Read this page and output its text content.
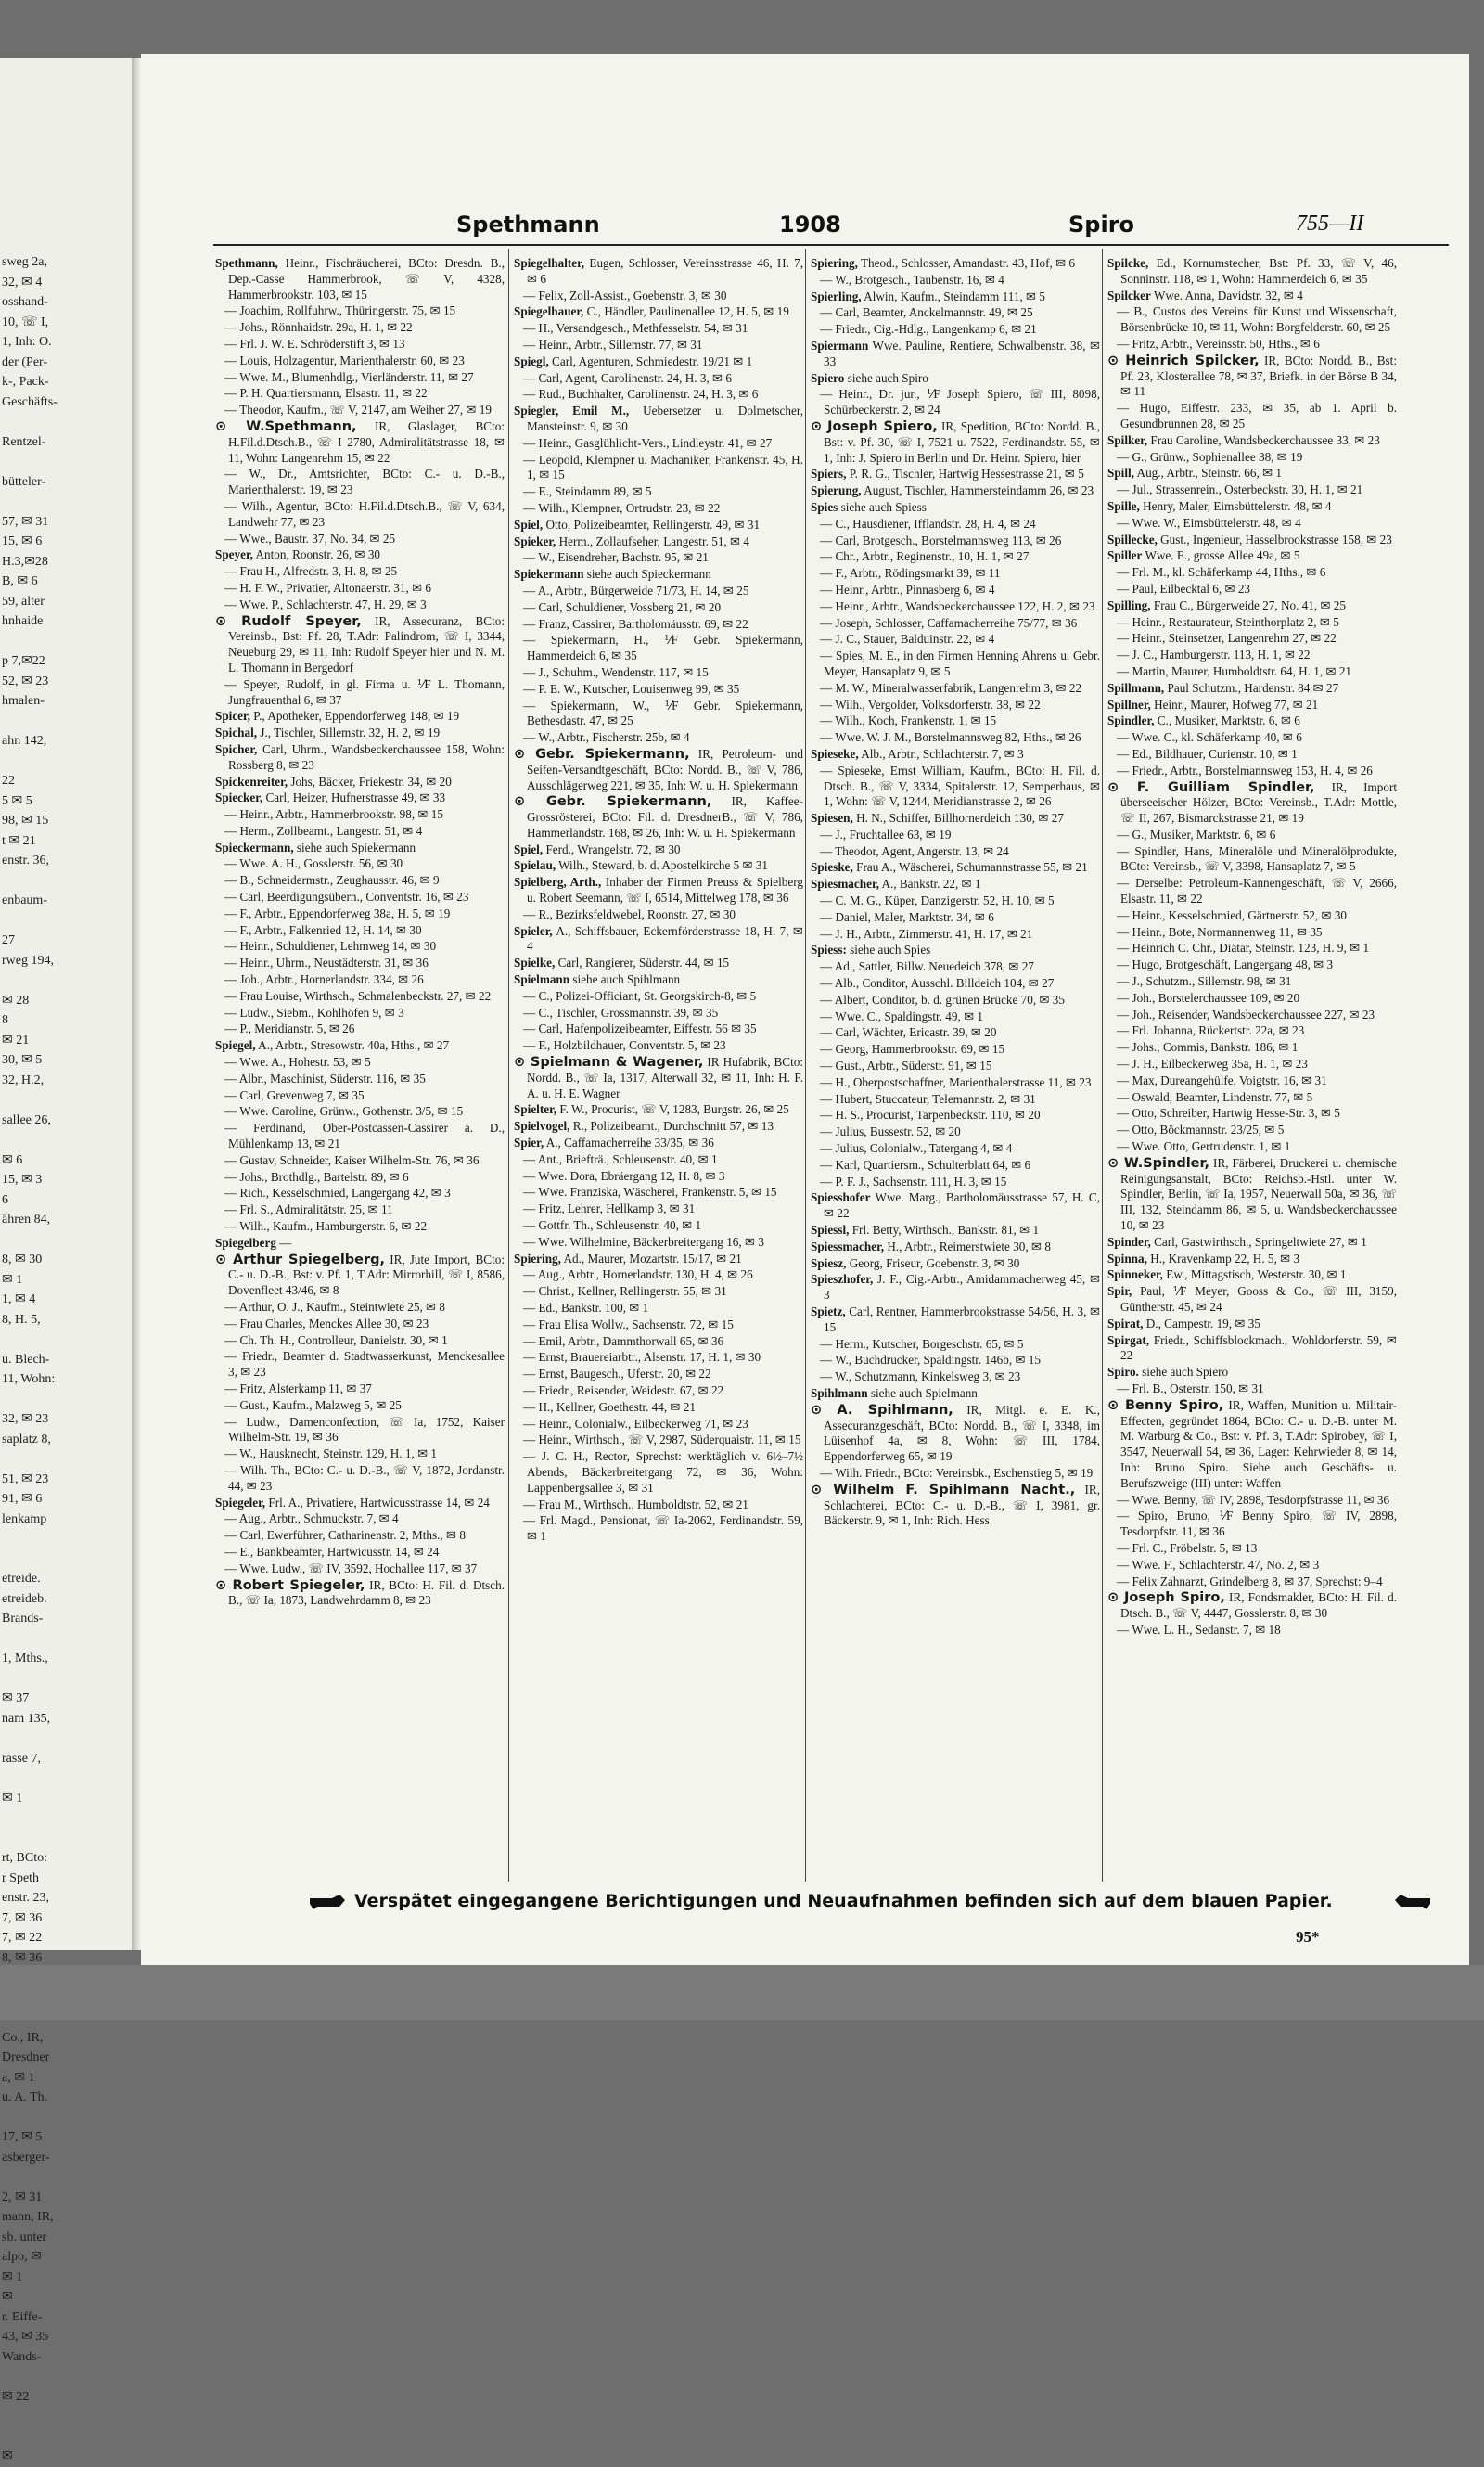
sweg 2a,
32, ✉ 4
osshand-
10, ☏ I,
1, Inh: O.
der (Per-
k-, Pack-
Geschäfts-
Rentzel-
bütteler-
57, ✉ 31
15, ✉ 6
H.3,✉28
B, ✉ 6
59, alter
hnhaide
p 7,✉22
52, ✉ 23
hmalen-
ahn 142,
22
5 ✉ 5
98, ✉ 15
t ✉ 21
enstr. 36,
enbaum-
27
rweg 194,
✉ 28
8
✉ 21
30, ✉ 5
32, H.2,
sallee 26,
✉ 6
15, ✉ 3
6
ähren 84,
8, ✉ 30
✉ 1
1, ✉ 4
8, H. 5,
u. Blech-
11, Wohn:
32, ✉ 23
saplatz 8,
51, ✉ 23
91, ✉ 6
lenkamp
etreide.
etreideb.
Brands-
1, Mths.,
✉ 37
nam 135,
rasse 7,
✉ 1
rt, BCto:
r Speth
enstr. 23,
7, ✉ 36
7, ✉ 22
8, ✉ 36
Co., IR,
Dresdner
a, ✉ 1
u. A. Th.
17, ✉ 5
asberger-
2, ✉ 31
mann, IR,
sb. unter
alpo, ✉
✉ 1
✉
r. Eiffe-
43, ✉ 35
Wands-
✉ 22
✉
Spethmann	1908	Spiro	755—II
Spethmann, Heinr., Fischräucherei, BCto: Dresdn. B., Dep.-Casse Hammerbrook, ☏ V, 4328, Hammerbrookstr. 103, ✉ 15
— Joachim, Rollfuhrw., Thüringerstr. 75, ✉ 15
— Johs., Rönnhaidstr. 29a, H. 1, ✉ 22
— Frl. J. W. E. Schröderstift 3, ✉ 13
— Louis, Holzagentur, Marienthalerstr. 60, ✉ 23
— Wwe. M., Blumenhdlg., Vierländerstr. 11, ✉ 27
— P. H. Quartiersmann, Elsastr. 11, ✉ 22
— Theodor, Kaufm., ☏ V, 2147, am Weiher 27, ✉ 19
⊙ W.Spethmann, IR, Glaslager, BCto: H.Fil.d.Dtsch.B., ☏ I 2780, Admiralitätstrasse 18, ✉ 11, Wohn: Langenrehm 15, ✉ 22
— W., Dr., Amtsrichter, BCto: C.- u. D.-B., Marienthalerstr. 19, ✉ 23
— Wilh., Agentur, BCto: H.Fil.d.Dtsch.B., ☏ V, 634, Landwehr 77, ✉ 23
— Wwe., Baustr. 37, No. 34, ✉ 25
Speyer, Anton, Roonstr. 26, ✉ 30
— Frau H., Alfredstr. 3, H. 8, ✉ 25
— H. F. W., Privatier, Altonaerstr. 31, ✉ 6
— Wwe. P., Schlachterstr. 47, H. 29, ✉ 3
⊙ Rudolf Speyer, IR, Assecuranz, BCto: Vereinsb., Bst: Pf. 28, T.Adr: Palindrom, ☏ I, 3344, Neueburg 29, ✉ 11, Inh: Rudolf Speyer hier und N. M. L. Thomann in Bergedorf
— Speyer, Rudolf, in gl. Firma u. ⅟F L. Thomann, Jungfrauenthal 6, ✉ 37
Spicer, P., Apotheker, Eppendorferweg 148, ✉ 19
Spichal, J., Tischler, Sillemstr. 32, H. 2, ✉ 19
Spicher, Carl, Uhrm., Wandsbeckerchaussee 158, Wohn: Rossberg 8, ✉ 23
Spickenreiter, Johs, Bäcker, Friekestr. 34, ✉ 20
Spiecker, Carl, Heizer, Hufnerstrasse 49, ✉ 33
— Heinr., Arbtr., Hammerbrookstr. 98, ✉ 15
— Herm., Zollbeamt., Langestr. 51, ✉ 4
Spieckermann, siehe auch Spiekermann
— Wwe. A. H., Gosslerstr. 56, ✉ 30
— B., Schneidermstr., Zeughausstr. 46, ✉ 9
— Carl, Beerdigungsübern., Conventstr. 16, ✉ 23
— F., Arbtr., Eppendorferweg 38a, H. 5, ✉ 19
— F., Arbtr., Falkenried 12, H. 14, ✉ 30
— Heinr., Schuldiener, Lehmweg 14, ✉ 30
— Heinr., Uhrm., Neustädterstr. 31, ✉ 36
— Joh., Arbtr., Hornerlandstr. 334, ✉ 26
— Frau Louise, Wirthsch., Schmalenbeckstr. 27, ✉ 22
— Ludw., Siebm., Kohlhöfen 9, ✉ 3
— P., Meridianstr. 5, ✉ 26
Spiegel, A., Arbtr., Stresowstr. 40a, Hths., ✉ 27
— Wwe. A., Hohestr. 53, ✉ 5
— Albr., Maschinist, Süderstr. 116, ✉ 35
— Carl, Grevenweg 7, ✉ 35
— Wwe. Caroline, Grünw., Gothenstr. 3/5, ✉ 15
— Ferdinand, Ober-Postcassen-Cassirer a. D., Mühlenkamp 13, ✉ 21
— Gustav, Schneider, Kaiser Wilhelm-Str. 76, ✉ 36
— Johs., Brothdlg., Bartelstr. 89, ✉ 6
— Rich., Kesselschmied, Langergang 42, ✉ 3
— Frl. S., Admiralitätstr. 25, ✉ 11
— Wilh., Kaufm., Hamburgerstr. 6, ✉ 22
Spiegelberg —
⊙ Arthur Spiegelberg, IR, Jute Import, BCto: C.- u. D.-B., Bst: v. Pf. 1, T.Adr: Mirrorhill, ☏ I, 8586, Dovenfleet 43/46, ✉ 8
— Arthur, O. J., Kaufm., Steintwiete 25, ✉ 8
— Frau Charles, Menckes Allee 30, ✉ 23
— Ch. Th. H., Controlleur, Danielstr. 30, ✉ 1
— Friedr., Beamter d. Stadtwasserkunst, Menckesallee 3, ✉ 23
— Fritz, Alsterkamp 11, ✉ 37
— Gust., Kaufm., Malzweg 5, ✉ 25
— Ludw., Damenconfection, ☏ Ia, 1752, Kaiser Wilhelm-Str. 19, ✉ 36
— W., Hausknecht, Steinstr. 129, H. 1, ✉ 1
— Wilh. Th., BCto: C.- u. D.-B., ☏ V, 1872, Jordanstr. 44, ✉ 23
Spiegeler, Frl. A., Privatiere, Hartwicusstrasse 14, ✉ 24
— Aug., Arbtr., Schmuckstr. 7, ✉ 4
— Carl, Ewerführer, Catharinenstr. 2, Mths., ✉ 8
— E., Bankbeamter, Hartwicusstr. 14, ✉ 24
— Wwe. Ludw., ☏ IV, 3592, Hochallee 117, ✉ 37
⊙ Robert Spiegeler, IR, BCto: H. Fil. d. Dtsch. B., ☏ Ia, 1873, Landwehrdamm 8, ✉ 23
Spiegelhalter, Eugen, Schlosser, Vereinsstrasse 46, H. 7, ✉ 6
— Felix, Zoll-Assist., Goebenstr. 3, ✉ 30
Spiegelhauer, C., Händler, Paulinenallee 12, H. 5, ✉ 19
— H., Versandgesch., Methfesselstr. 54, ✉ 31
— Heinr., Arbtr., Sillemstr. 77, ✉ 31
Spiegl, Carl, Agenturen, Schmiedestr. 19/21 ✉ 1
— Carl, Agent, Carolinenstr. 24, H. 3, ✉ 6
— Rud., Buchhalter, Carolinenstr. 24, H. 3, ✉ 6
Spiegler, Emil M., Uebersetzer u. Dolmetscher, Mansteinstr. 9, ✉ 30
— Heinr., Gasglühlicht-Vers., Lindleystr. 41, ✉ 27
— Leopold, Klempner u. Machaniker, Frankenstr. 45, H. 1, ✉ 15
— E., Steindamm 89, ✉ 5
— Wilh., Klempner, Ortrudstr. 23, ✉ 22
Spiel, Otto, Polizeibeamter, Rellingerstr. 49, ✉ 31
Spieker, Herm., Zollaufseher, Langestr. 51, ✉ 4
— W., Eisendreher, Bachstr. 95, ✉ 21
Spiekermann siehe auch Spieckermann
— A., Arbtr., Bürgerweide 71/73, H. 14, ✉ 25
— Carl, Schuldiener, Vossberg 21, ✉ 20
— Franz, Cassirer, Bartholomäusstr. 69, ✉ 22
— Spiekermann, H., ⅟F Gebr. Spiekermann, Hammerdeich 6, ✉ 35
— J., Schuhm., Wendenstr. 117, ✉ 15
— P. E. W., Kutscher, Louisenweg 99, ✉ 35
— Spiekermann, W., ⅟F Gebr. Spiekermann, Bethesdastr. 47, ✉ 25
— W., Arbtr., Fischerstr. 25b, ✉ 4
⊙ Gebr. Spiekermann, IR, Petroleum- und Seifen-Versandtgeschäft, BCto: Nordd. B., ☏ V, 786, Ausschlägerweg 221, ✉ 35, Inh: W. u. H. Spiekermann
⊙ Gebr. Spiekermann, IR, Kaffee-Grossrösterei, BCto: Fil. d. DresdnerB., ☏ V, 786, Hammerlandstr. 168, ✉ 26, Inh: W. u. H. Spiekermann
Spiel, Ferd., Wrangelstr. 72, ✉ 30
Spielau, Wilh., Steward, b. d. Apostelkirche 5 ✉ 31
Spielberg, Arth., Inhaber der Firmen Preuss & Spielberg u. Robert Seemann, ☏ I, 6514, Mittelweg 178, ✉ 36
— R., Bezirksfeldwebel, Roonstr. 27, ✉ 30
Spieler, A., Schiffsbauer, Eckernförderstrasse 18, H. 7, ✉ 4
Spielke, Carl, Rangierer, Süderstr. 44, ✉ 15
Spielmann siehe auch Spihlmann
— C., Polizei-Officiant, St. Georgskirch-8, ✉ 5
— C., Tischler, Grossmannstr. 39, ✉ 35
— Carl, Hafenpolizeibeamter, Eiffestr. 56 ✉ 35
— F., Holzbildhauer, Conventstr. 5, ✉ 23
⊙ Spielmann & Wagener, IR Hufabrik, BCto: Nordd. B., ☏ Ia, 1317, Alterwall 32, ✉ 11, Inh: H. F. A. u. H. E. Wagner
Spielter, F. W., Procurist, ☏ V, 1283, Burgstr. 26, ✉ 25
Spielvogel, R., Polizeibeamt., Durchschnitt 57, ✉ 13
Spier, A., Caffamacherreihe 33/35, ✉ 36
— Ant., Briefträ., Schleusenstr. 40, ✉ 1
— Wwe. Dora, Ebräergang 12, H. 8, ✉ 3
— Wwe. Franziska, Wäscherei, Frankenstr. 5, ✉ 15
— Fritz, Lehrer, Hellkamp 3, ✉ 31
— Gottfr. Th., Schleusenstr. 40, ✉ 1
— Wwe. Wilhelmine, Bäckerbreitergang 16, ✉ 3
Spiering, Ad., Maurer, Mozartstr. 15/17, ✉ 21
— Aug., Arbtr., Hornerlandstr. 130, H. 4, ✉ 26
— Christ., Kellner, Rellingerstr. 55, ✉ 31
— Ed., Bankstr. 100, ✉ 1
— Frau Elisa Wollw., Sachsenstr. 72, ✉ 15
— Emil, Arbtr., Dammthorwall 65, ✉ 36
— Ernst, Brauereiarbtr., Alsenstr. 17, H. 1, ✉ 30
— Ernst, Baugesch., Uferstr. 20, ✉ 22
— Friedr., Reisender, Weidestr. 67, ✉ 22
— H., Kellner, Goethestr. 44, ✉ 21
— Heinr., Colonialw., Eilbeckerweg 71, ✉ 23
— Heinr., Wirthsch., ☏ V, 2987, Süderquaistr. 11, ✉ 15
— J. C. H., Rector, Sprechst: werktäglich v. 6½–7½ Abends, Bäckerbreitergang 72, ✉ 36, Wohn: Lappenbergsallee 3, ✉ 31
— Frau M., Wirthsch., Humboldtstr. 52, ✉ 21
— Frl. Magd., Pensionat, ☏ Ia-2062, Ferdinandstr. 59, ✉ 1
Spiering, Theod., Schlosser, Amandastr. 43, Hof, ✉ 6
— W., Brotgesch., Taubenstr. 16, ✉ 4
Spierling, Alwin, Kaufm., Steindamm 111, ✉ 5
— Carl, Beamter, Anckelmannstr. 49, ✉ 25
— Friedr., Cig.-Hdlg., Langenkamp 6, ✉ 21
Spiermann Wwe. Pauline, Rentiere, Schwalbenstr. 38, ✉ 33
Spiero siehe auch Spiro
— Heinr., Dr. jur., ⅟F Joseph Spiero, ☏ III, 8098, Schürbeckerstr. 2, ✉ 24
⊙ Joseph Spiero, IR, Spedition, BCto: Nordd. B., Bst: v. Pf. 30, ☏ I, 7521 u. 7522, Ferdinandstr. 55, ✉ 1, Inh: J. Spiero in Berlin und Dr. Heinr. Spiero, hier
Spiers, P. R. G., Tischler, Hartwig Hessestrasse 21, ✉ 5
Spierung, August, Tischler, Hammersteindamm 26, ✉ 23
Spies siehe auch Spiess
— C., Hausdiener, Ifflandstr. 28, H. 4, ✉ 24
— Carl, Brotgesch., Borstelmannsweg 113, ✉ 26
— Chr., Arbtr., Reginenstr., 10, H. 1, ✉ 27
— F., Arbtr., Rödingsmarkt 39, ✉ 11
— Heinr., Arbtr., Pinnasberg 6, ✉ 4
— Heinr., Arbtr., Wandsbeckerchaussee 122, H. 2, ✉ 23
— Joseph, Schlosser, Caffamacherreihe 75/77, ✉ 36
— J. C., Stauer, Balduinstr. 22, ✉ 4
— Spies, M. E., in den Firmen Henning Ahrens u. Gebr. Meyer, Hansaplatz 9, ✉ 5
— M. W., Mineralwasserfabrik, Langenrehm 3, ✉ 22
— Wilh., Vergolder, Volksdorferstr. 38, ✉ 22
— Wilh., Koch, Frankenstr. 1, ✉ 15
— Wwe. W. J. M., Borstelmannsweg 82, Hths., ✉ 26
Spieseke, Alb., Arbtr., Schlachterstr. 7, ✉ 3
— Spieseke, Ernst William, Kaufm., BCto: H. Fil. d. Dtsch. B., ☏ V, 3334, Spitalerstr. 12, Semperhaus, ✉ 1, Wohn: ☏ V, 1244, Meridianstrasse 2, ✉ 26
Spiesen, H. N., Schiffer, Billhornerdeich 130, ✉ 27
— J., Fruchtallee 63, ✉ 19
— Theodor, Agent, Angerstr. 13, ✉ 24
Spieske, Frau A., Wäscherei, Schumannstrasse 55, ✉ 21
Spiesmacher, A., Bankstr. 22, ✉ 1
— C. M. G., Küper, Danzigerstr. 52, H. 10, ✉ 5
— Daniel, Maler, Marktstr. 34, ✉ 6
— J. H., Arbtr., Zimmerstr. 41, H. 17, ✉ 21
Spiess: siehe auch Spies
— Ad., Sattler, Billw. Neuedeich 378, ✉ 27
— Alb., Conditor, Ausschl. Billdeich 104, ✉ 27
— Albert, Conditor, b. d. grünen Brücke 70, ✉ 35
— Wwe. C., Spaldingstr. 49, ✉ 1
— Carl, Wächter, Ericastr. 39, ✉ 20
— Georg, Hammerbrookstr. 69, ✉ 15
— Gust., Arbtr., Süderstr. 91, ✉ 15
— H., Oberpostschaffner, Marienthalerstrasse 11, ✉ 23
— Hubert, Stuccateur, Telemannstr. 2, ✉ 31
— H. S., Procurist, Tarpenbeckstr. 110, ✉ 20
— Julius, Bussestr. 52, ✉ 20
— Julius, Colonialw., Tatergang 4, ✉ 4
— Karl, Quartiersm., Schulterblatt 64, ✉ 6
— P. F. J., Sachsenstr. 111, H. 3, ✉ 15
Spiesshofer Wwe. Marg., Bartholomäusstrasse 57, H. C, ✉ 22
Spiessl, Frl. Betty, Wirthsch., Bankstr. 81, ✉ 1
Spiessmacher, H., Arbtr., Reimerstwiete 30, ✉ 8
Spiesz, Georg, Friseur, Goebenstr. 3, ✉ 30
Spieszhofer, J. F., Cig.-Arbtr., Amidammacherweg 45, ✉ 3
Spietz, Carl, Rentner, Hammerbrookstrasse 54/56, H. 3, ✉ 15
— Herm., Kutscher, Borgeschstr. 65, ✉ 5
— W., Buchdrucker, Spaldingstr. 146b, ✉ 15
— W., Schutzmann, Kinkelsweg 3, ✉ 23
Spihlmann siehe auch Spielmann
⊙ A. Spihlmann, IR, Mitgl. e. E. K., Assecuranzgeschäft, BCto: Nordd. B., ☏ I, 3348, im Lüisenhof 4a, ✉ 8, Wohn: ☏ III, 1784, Eppendorferweg 65, ✉ 19
— Wilh. Friedr., BCto: Vereinsbk., Eschenstieg 5, ✉ 19
⊙ Wilhelm F. Spihlmann Nacht., IR, Schlachterei, BCto: C.- u. D.-B., ☏ I, 3981, gr. Bäckerstr. 9, ✉ 1, Inh: Rich. Hess
Spilcke, Ed., Kornumstecher, Bst: Pf. 33, ☏ V, 46, Sonninstr. 118, ✉ 1, Wohn: Hammerdeich 6, ✉ 35
Spilcker Wwe. Anna, Davidstr. 32, ✉ 4
— B., Custos des Vereins für Kunst und Wissenschaft, Börsenbrücke 10, ✉ 11, Wohn: Borgfelderstr. 60, ✉ 25
— Fritz, Arbtr., Vereinsstr. 50, Hths., ✉ 6
⊙ Heinrich Spilcker, IR, BCto: Nordd. B., Bst: Pf. 23, Klosterallee 78, ✉ 37, Briefk. in der Börse B 34, ✉ 11
— Hugo, Eiffestr. 233, ✉ 35, ab 1. April b. Gesundbrunnen 28, ✉ 25
Spilker, Frau Caroline, Wandsbeckerchaussee 33, ✉ 23
— G., Grünw., Sophienallee 38, ✉ 19
Spill, Aug., Arbtr., Steinstr. 66, ✉ 1
— Jul., Strassenrein., Osterbeckstr. 30, H. 1, ✉ 21
Spille, Henry, Maler, Eimsbüttelerstr. 48, ✉ 4
— Wwe. W., Eimsbüttelerstr. 48, ✉ 4
Spillecke, Gust., Ingenieur, Hasselbrookstrasse 158, ✉ 23
Spiller Wwe. E., grosse Allee 49a, ✉ 5
— Frl. M., kl. Schäferkamp 44, Hths., ✉ 6
— Paul, Eilbecktal 6, ✉ 23
Spilling, Frau C., Bürgerweide 27, No. 41, ✉ 25
— Heinr., Restaurateur, Steinthorplatz 2, ✉ 5
— Heinr., Steinsetzer, Langenrehm 27, ✉ 22
— J. C., Hamburgerstr. 113, H. 1, ✉ 22
— Martin, Maurer, Humboldtstr. 64, H. 1, ✉ 21
Spillmann, Paul Schutzm., Hardenstr. 84 ✉ 27
Spillner, Heinr., Maurer, Hofweg 77, ✉ 21
Spindler, C., Musiker, Marktstr. 6, ✉ 6
— Wwe. C., kl. Schäferkamp 40, ✉ 6
— Ed., Bildhauer, Curienstr. 10, ✉ 1
— Friedr., Arbtr., Borstelmannsweg 153, H. 4, ✉ 26
⊙ F. Guilliam Spindler, IR, Import überseeischer Hölzer, BCto: Vereinsb., T.Adr: Mottle, ☏ II, 267, Bismarckstrasse 21, ✉ 19
— G., Musiker, Marktstr. 6, ✉ 6
— Spindler, Hans, Mineralöle und Mineralölprodukte, BCto: Vereinsb., ☏ V, 3398, Hansaplatz 7, ✉ 5
— Derselbe: Petroleum-Kannengeschäft, ☏ V, 2666, Elsastr. 11, ✉ 22
— Heinr., Kesselschmied, Gärtnerstr. 52, ✉ 30
— Heinr., Bote, Normannenweg 11, ✉ 35
— Heinrich C. Chr., Diätar, Steinstr. 123, H. 9, ✉ 1
— Hugo, Brotgeschäft, Langergang 48, ✉ 3
— J., Schutzm., Sillemstr. 98, ✉ 31
— Joh., Borstelerchaussee 109, ✉ 20
— Joh., Reisender, Wandsbeckerchaussee 227, ✉ 23
— Frl. Johanna, Rückertstr. 22a, ✉ 23
— Johs., Commis, Bankstr. 186, ✉ 1
— J. H., Eilbeckerweg 35a, H. 1, ✉ 23
— Max, Dureangehülfe, Voigtstr. 16, ✉ 31
— Oswald, Beamter, Lindenstr. 77, ✉ 5
— Otto, Schreiber, Hartwig Hesse-Str. 3, ✉ 5
— Otto, Böckmannstr. 23/25, ✉ 5
— Wwe. Otto, Gertrudenstr. 1, ✉ 1
⊙ W.Spindler, IR, Färberei, Druckerei u. chemische Reinigungsanstalt, BCto: Reichsb.-Hstl. unter W. Spindler, Berlin, ☏ Ia, 1957, Neuerwall 50a, ✉ 36, ☏ III, 132, Steindamm 86, ✉ 5, u. Wandsbeckerchaussee 10, ✉ 23
Spinder, Carl, Gastwirthsch., Springeltwiete 27, ✉ 1
Spinna, H., Kravenkamp 22, H. 5, ✉ 3
Spinneker, Ew., Mittagstisch, Westerstr. 30, ✉ 1
Spir, Paul, ⅟F Meyer, Gooss & Co., ☏ III, 3159, Güntherstr. 45, ✉ 24
Spirat, D., Campestr. 19, ✉ 35
Spirgat, Friedr., Schiffsblockmach., Wohldorferstr. 59, ✉ 22
Spiro. siehe auch Spiero
— Frl. B., Osterstr. 150, ✉ 31
⊙ Benny Spiro, IR, Waffen, Munition u. Militair-Effecten, gegründet 1864, BCto: C.- u. D.-B. unter M. M. Warburg & Co., Bst: v. Pf. 3, T.Adr: Spirobey, ☏ I, 3547, Neuerwall 54, ✉ 36, Lager: Kehrwieder 8, ✉ 14, Inh: Bruno Spiro. Siehe auch Geschäfts- u. Berufszweige (III) unter: Waffen
— Wwe. Benny, ☏ IV, 2898, Tesdorpfstrasse 11, ✉ 36
— Spiro, Bruno, ⅟F Benny Spiro, ☏ IV, 2898, Tesdorpfstr. 11, ✉ 36
— Frl. C., Fröbelstr. 5, ✉ 13
— Wwe. F., Schlachterstr. 47, No. 2, ✉ 3
— Felix Zahnarzt, Grindelberg 8, ✉ 37, Sprechst: 9–4
⊙ Joseph Spiro, IR, Fondsmakler, BCto: H. Fil. d. Dtsch. B., ☏ V, 4447, Gosslerstr. 8, ✉ 30
— Wwe. L. H., Sedanstr. 7, ✉ 18
Verspätet eingegangene Berichtigungen und Neuaufnahmen befinden sich auf dem blauen Papier.
95*
